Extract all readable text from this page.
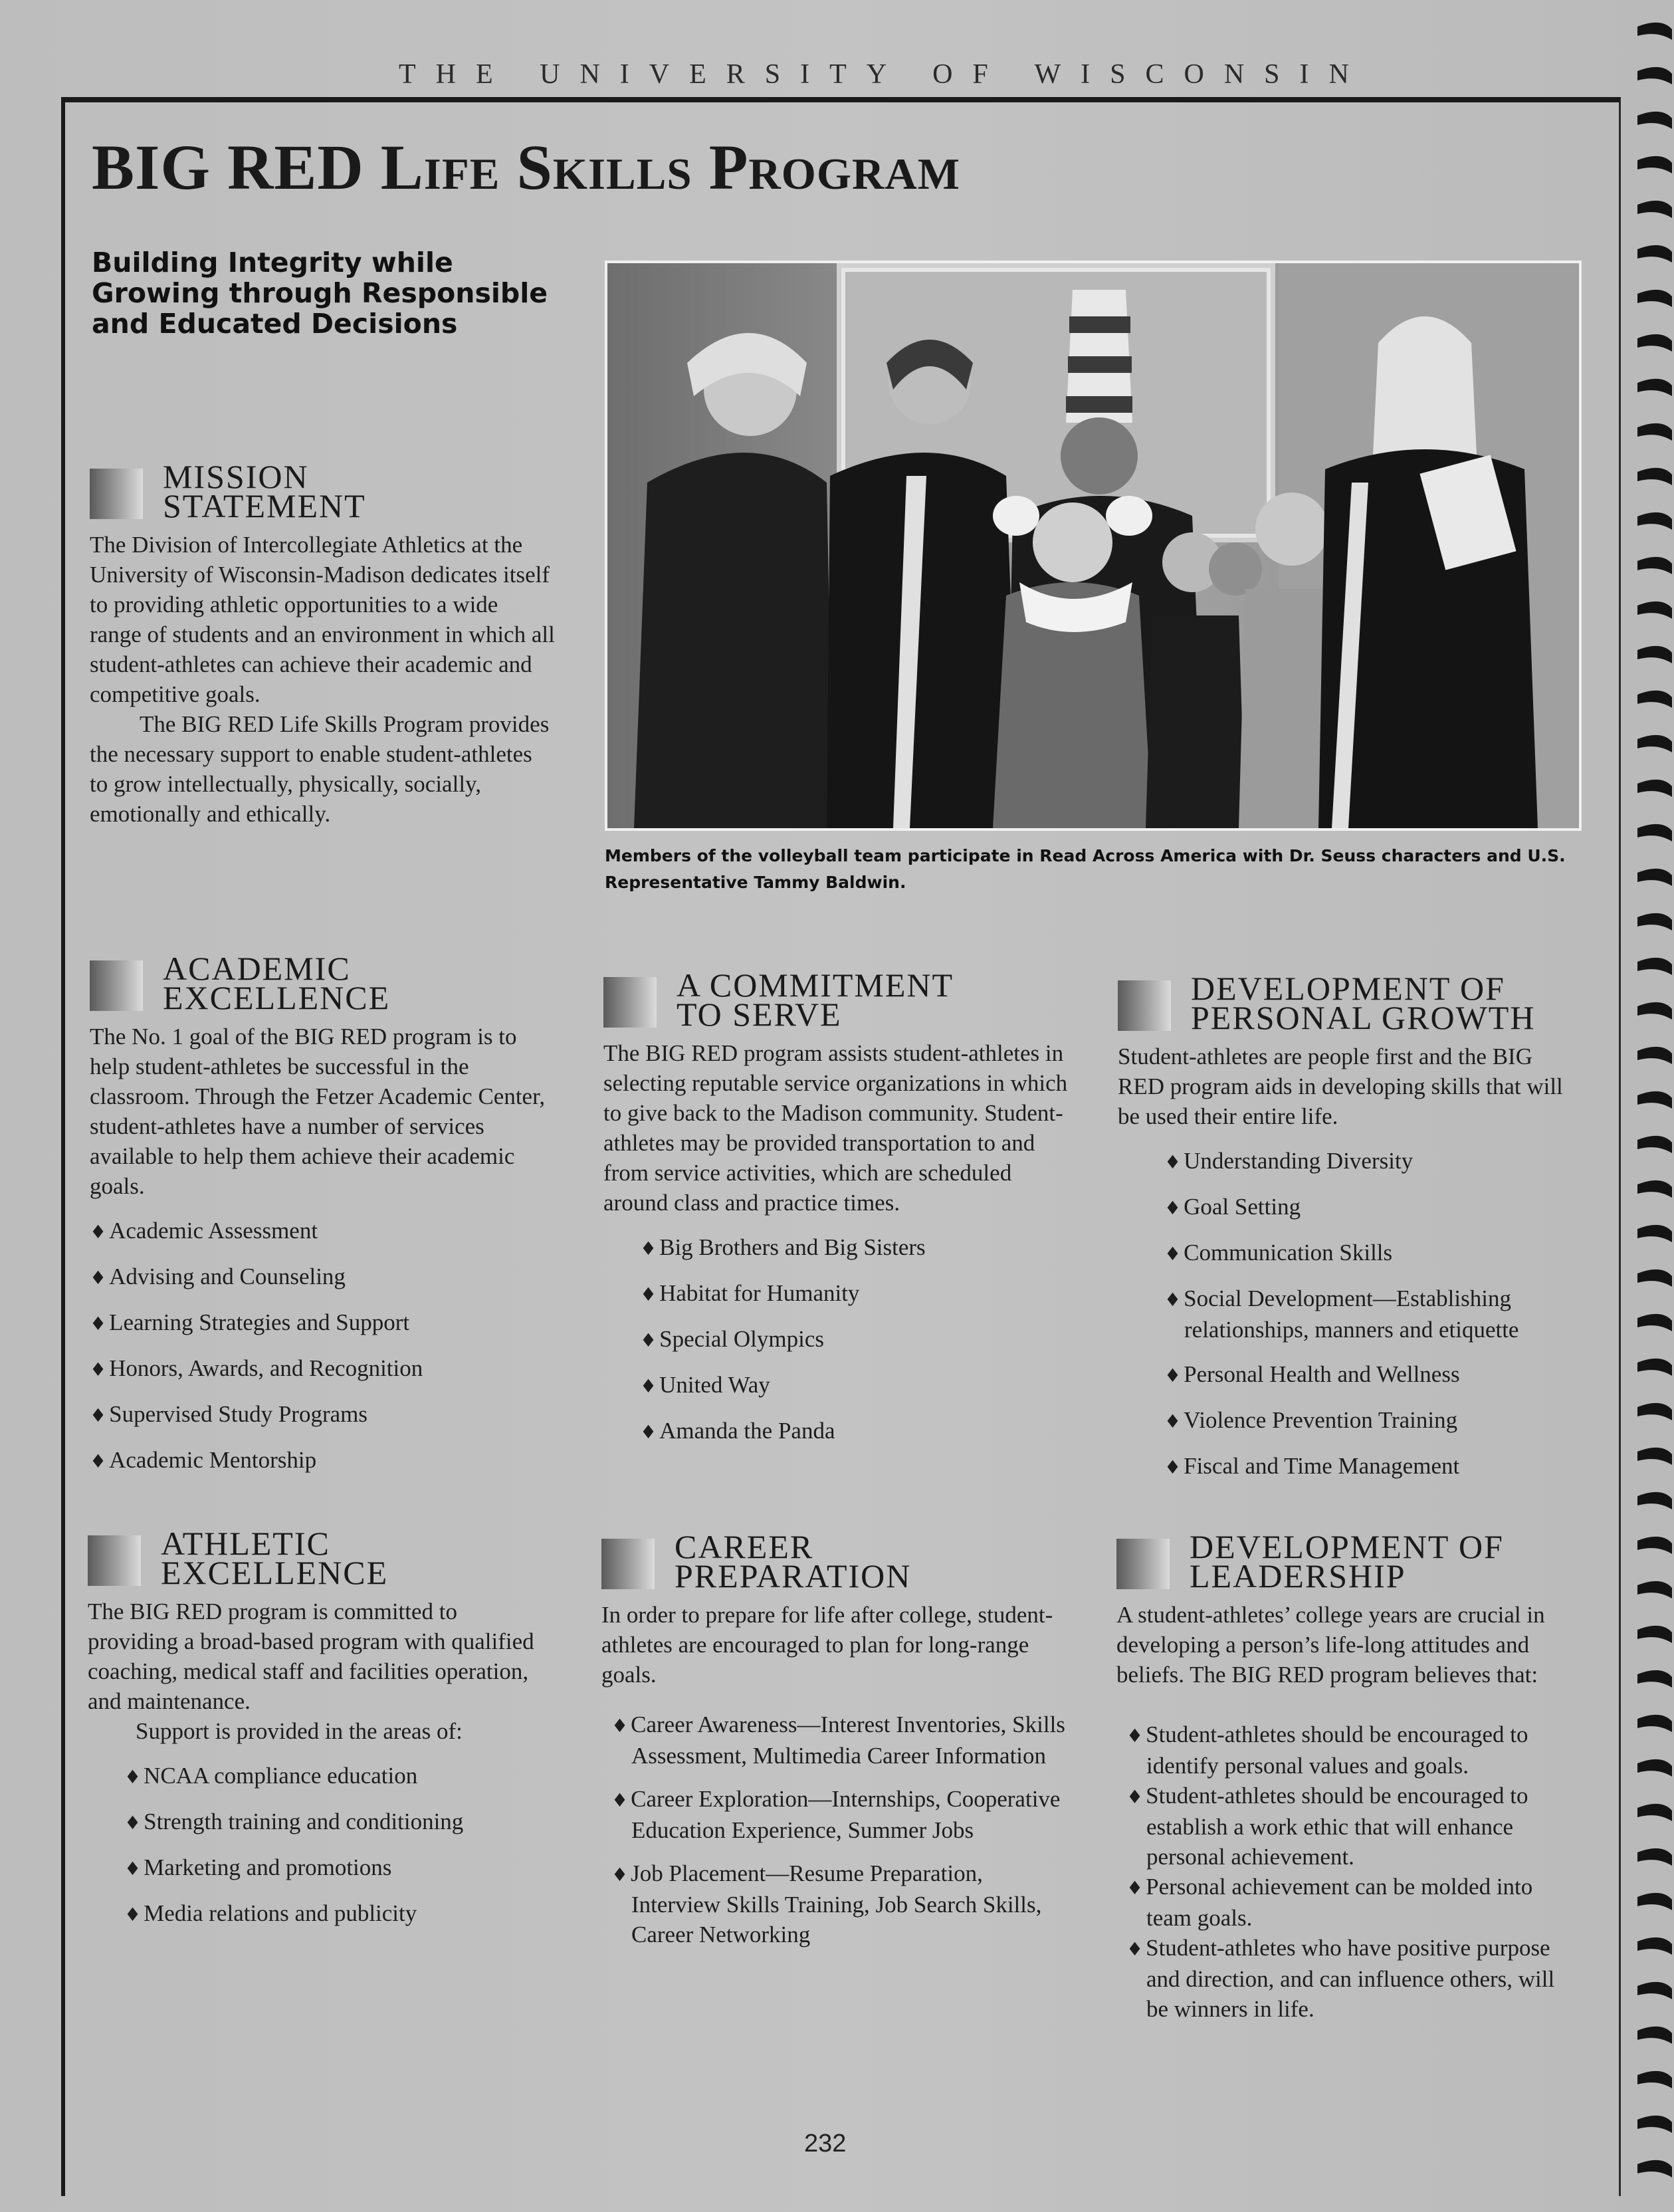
THE UNIVERSITY OF WISCONSIN
BIG RED Life Skills Program
Building Integrity while Growing through Responsible and Educated Decisions
Members of the volleyball team participate in Read Across America with Dr. Seuss characters and U.S. Representative Tammy Baldwin.
MISSION
STATEMENT

The Division of Intercollegiate Athletics at the University of Wisconsin-Madison dedicates itself to providing athletic opportunities to a wide range of students and an environment in which all student-athletes can achieve their academic and competitive goals.

The BIG RED Life Skills Program provides the necessary support to enable student-athletes to grow intellectually, physically, socially, emotionally and ethically.

ACADEMIC
EXCELLENCE

The No. 1 goal of the BIG RED program is to help student-athletes be successful in the classroom. Through the Fetzer Academic Center, student-athletes have a number of services available to help them achieve their academic goals.

♦ Academic Assessment
♦ Advising and Counseling
♦ Learning Strategies and Support
♦ Honors, Awards, and Recognition
♦ Supervised Study Programs
♦ Academic Mentorship
A COMMITMENT
TO SERVE

The BIG RED program assists student-athletes in selecting reputable service organizations in which to give back to the Madison community. Student-athletes may be provided transportation to and from service activities, which are scheduled around class and practice times.

♦ Big Brothers and Big Sisters
♦ Habitat for Humanity
♦ Special Olympics
♦ United Way
♦ Amanda the Panda
DEVELOPMENT OF
PERSONAL GROWTH

Student-athletes are people first and the BIG RED program aids in developing skills that will be used their entire life.

♦ Understanding Diversity
♦ Goal Setting
♦ Communication Skills
♦ Social Development—Establishing relationships, manners and etiquette
♦ Personal Health and Wellness
♦ Violence Prevention Training
♦ Fiscal and Time Management
ATHLETIC
EXCELLENCE

The BIG RED program is committed to providing a broad-based program with qualified coaching, medical staff and facilities operation, and maintenance.

Support is provided in the areas of:

♦ NCAA compliance education
♦ Strength training and conditioning
♦ Marketing and promotions
♦ Media relations and publicity
CAREER
PREPARATION

In order to prepare for life after college, student-athletes are encouraged to plan for long-range goals.

♦ Career Awareness—Interest Inventories, Skills Assessment, Multimedia Career Information
♦ Career Exploration—Internships, Cooperative Education Experience, Summer Jobs
♦ Job Placement—Resume Preparation, Interview Skills Training, Job Search Skills, Career Networking
DEVELOPMENT OF
LEADERSHIP

A student-athletes’ college years are crucial in developing a person’s life-long attitudes and beliefs. The BIG RED program believes that:

♦ Student-athletes should be encouraged to identify personal values and goals.
♦ Student-athletes should be encouraged to establish a work ethic that will enhance personal achievement.
♦ Personal achievement can be molded into team goals.
♦ Student-athletes who have positive purpose and direction, and can influence others, will be winners in life.
232
